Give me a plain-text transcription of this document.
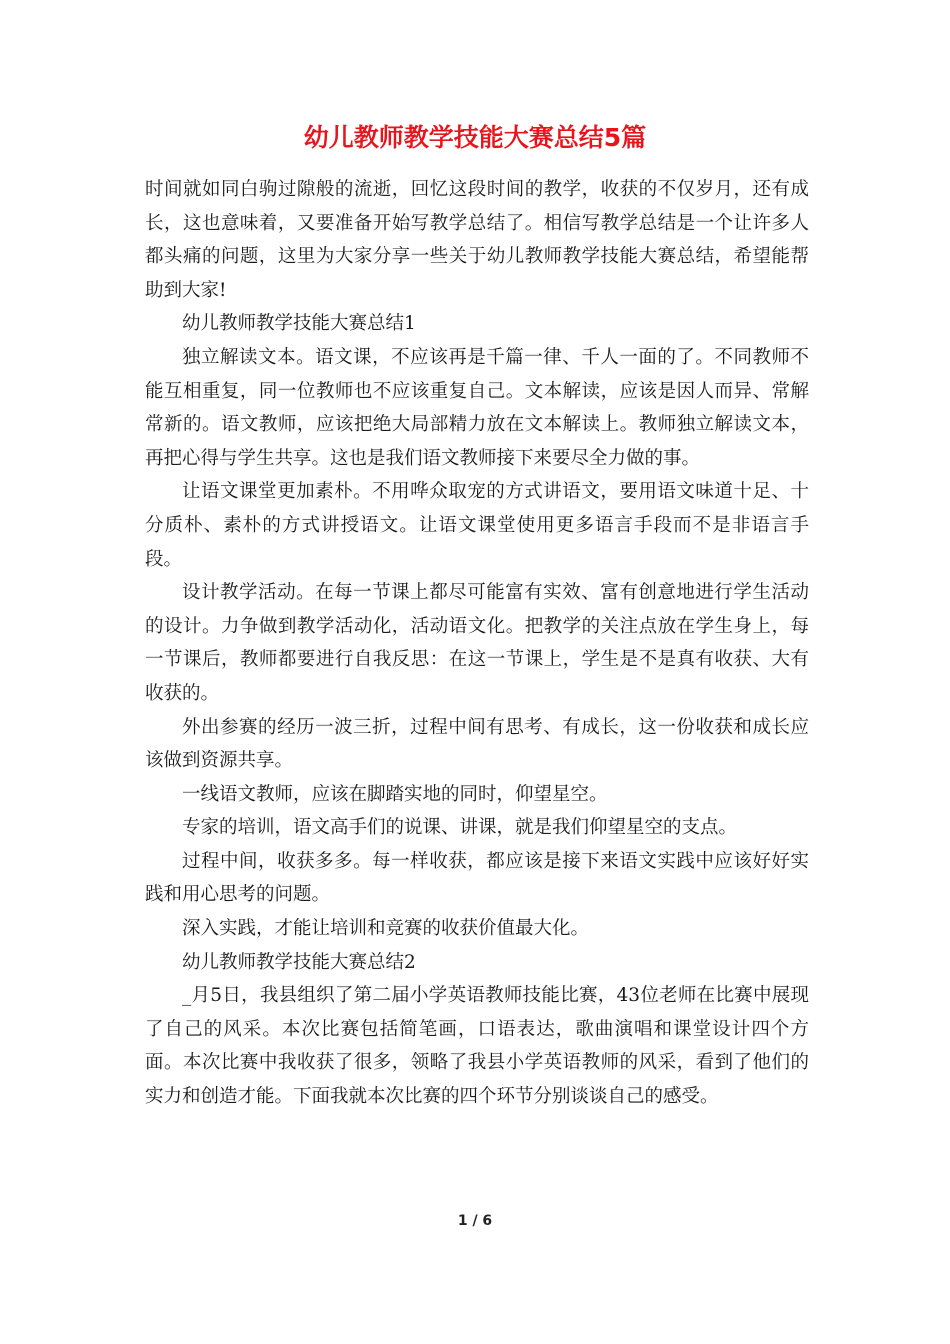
幼儿教师教学技能大赛总结5篇

时间就如同白驹过隙般的流逝，回忆这段时间的教学，收获的不仅岁月，还有成长，这也意味着，又要准备开始写教学总结了。相信写教学总结是一个让许多人都头痛的问题，这里为大家分享一些关于幼儿教师教学技能大赛总结，希望能帮助到大家!

幼儿教师教学技能大赛总结1

独立解读文本。语文课，不应该再是千篇一律、千人一面的了。不同教师不能互相重复，同一位教师也不应该重复自己。文本解读，应该是因人而异、常解常新的。语文教师，应该把绝大局部精力放在文本解读上。教师独立解读文本，再把心得与学生共享。这也是我们语文教师接下来要尽全力做的事。

让语文课堂更加素朴。不用哗众取宠的方式讲语文，要用语文味道十足、十分质朴、素朴的方式讲授语文。让语文课堂使用更多语言手段而不是非语言手段。

设计教学活动。在每一节课上都尽可能富有实效、富有创意地进行学生活动的设计。力争做到教学活动化，活动语文化。把教学的关注点放在学生身上，每一节课后，教师都要进行自我反思：在这一节课上，学生是不是真有收获、大有收获的。

外出参赛的经历一波三折，过程中间有思考、有成长，这一份收获和成长应该做到资源共享。

一线语文教师，应该在脚踏实地的同时，仰望星空。

专家的培训，语文高手们的说课、讲课，就是我们仰望星空的支点。

过程中间，收获多多。每一样收获，都应该是接下来语文实践中应该好好实践和用心思考的问题。

深入实践，才能让培训和竞赛的收获价值最大化。

幼儿教师教学技能大赛总结2

_月5日，我县组织了第二届小学英语教师技能比赛，43位老师在比赛中展现了自己的风采。本次比赛包括简笔画，口语表达，歌曲演唱和课堂设计四个方面。本次比赛中我收获了很多，领略了我县小学英语教师的风采，看到了他们的实力和创造才能。下面我就本次比赛的四个环节分别谈谈自己的感受。

1 / 6
